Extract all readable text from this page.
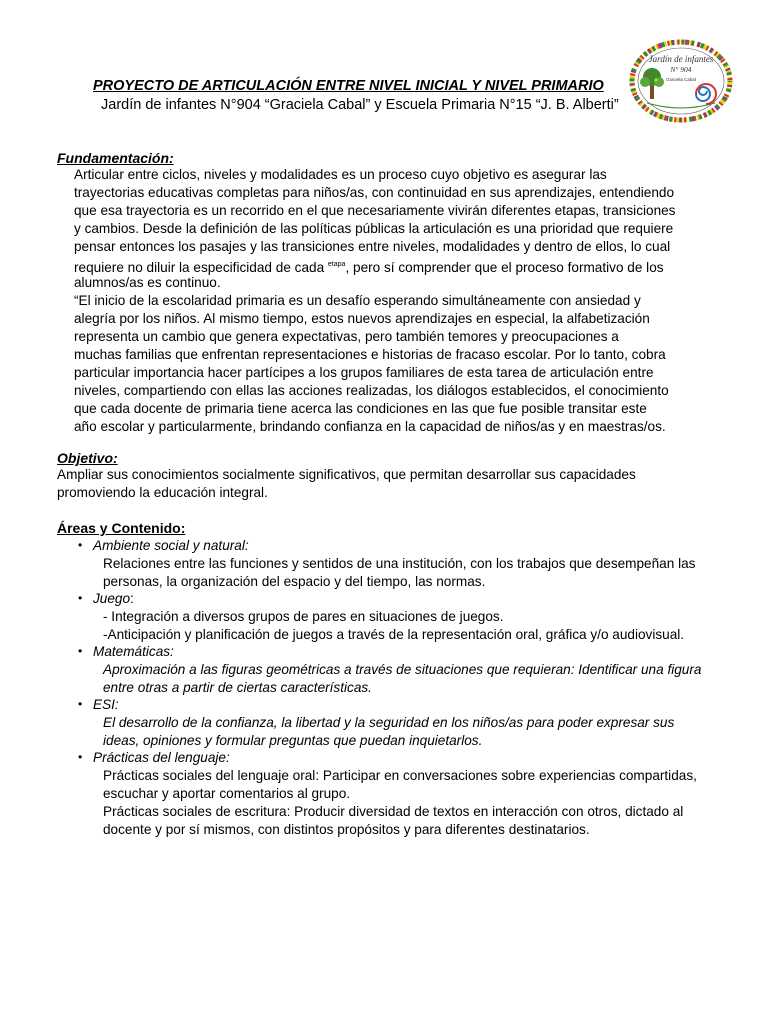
PROYECTO DE ARTICULACIÓN ENTRE NIVEL INICIAL Y NIVEL PRIMARIO
Jardín de infantes N°904 “Graciela Cabal” y Escuela Primaria N°15 “J. B. Alberti”
Jardín de infantes
N° 904
Graciela Cabal
Fundamentación:
Articular entre ciclos, niveles y modalidades es un proceso cuyo objetivo es asegurar las
trayectorias educativas completas para niños/as, con continuidad en sus aprendizajes, entendiendo
que esa trayectoria es un recorrido en el que necesariamente vivirán diferentes etapas, transiciones
y cambios. Desde la definición de las políticas públicas la articulación es una prioridad que requiere
pensar entonces los pasajes y las transiciones entre niveles, modalidades y dentro de ellos, lo cual
requiere no diluir la especificidad de cada $^{etapa}$, pero sí comprender que el proceso formativo de los
alumnos/as es continuo.
“El inicio de la escolaridad primaria es un desafío esperando simultáneamente con ansiedad y
alegría por los niños. Al mismo tiempo, estos nuevos aprendizajes en especial, la alfabetización
representa un cambio que genera expectativas, pero también temores y preocupaciones a
muchas familias que enfrentan representaciones e historias de fracaso escolar. Por lo tanto, cobra
particular importancia hacer partícipes a los grupos familiares de esta tarea de articulación entre
niveles, compartiendo con ellas las acciones realizadas, los diálogos establecidos, el conocimiento
que cada docente de primaria tiene acerca las condiciones en las que fue posible transitar este
año escolar y particularmente, brindando confianza en la capacidad de niños/as y en maestras/os.
Objetivo:
Ampliar sus conocimientos socialmente significativos, que permitan desarrollar sus capacidades
promoviendo la educación integral.
Áreas y Contenido:
• Ambiente social y natural:
Relaciones entre las funciones y sentidos de una institución, con los trabajos que desempeñan las
personas, la organización del espacio y del tiempo, las normas.
• Juego:
- Integración a diversos grupos de pares en situaciones de juegos.
-Anticipación y planificación de juegos a través de la representación oral, gráfica y/o audiovisual.
• Matemáticas:
Aproximación a las figuras geométricas a través de situaciones que requieran: Identificar una figura
entre otras a partir de ciertas características.
• ESI:
El desarrollo de la confianza, la libertad y la seguridad en los niños/as para poder expresar sus
ideas, opiniones y formular preguntas que puedan inquietarlos.
• Prácticas del lenguaje:
Prácticas sociales del lenguaje oral: Participar en conversaciones sobre experiencias compartidas,
escuchar y aportar comentarios al grupo.
Prácticas sociales de escritura: Producir diversidad de textos en interacción con otros, dictado al
docente y por sí mismos, con distintos propósitos y para diferentes destinatarios.
